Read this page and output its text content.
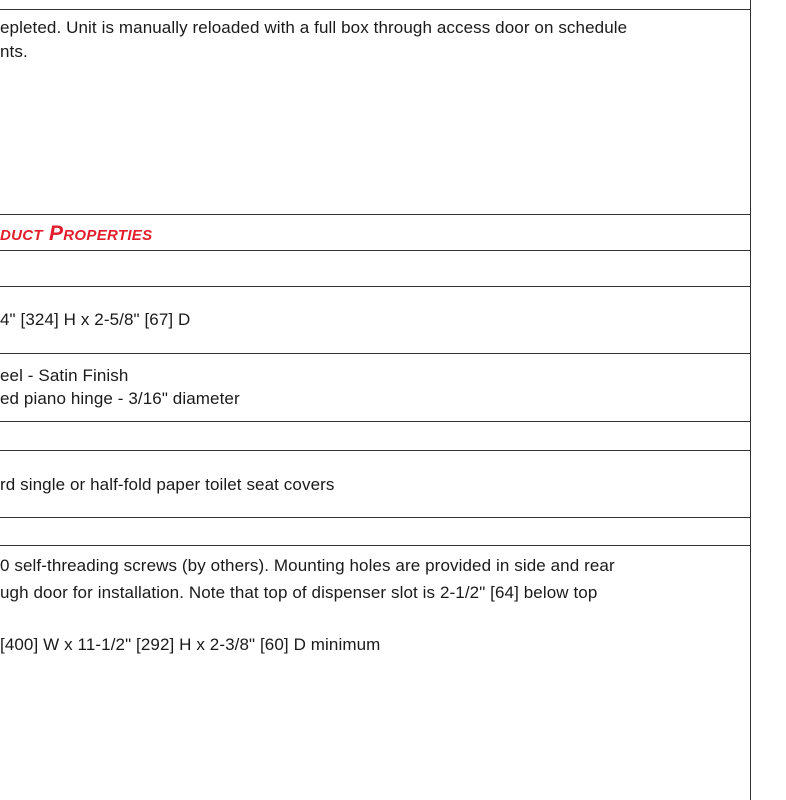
epleted. Unit is manually reloaded with a full box through access door on schedule
nts.
duct Properties
4" [324] H x 2-5/8" [67] D
eel - Satin Finish
ed piano hinge - 3/16" diameter
rd single or half-fold paper toilet seat covers
0 self-threading screws (by others). Mounting holes are provided in side and rear
ugh door for installation. Note that top of dispenser slot is 2-1/2" [64] below top
[400] W x 11-1/2" [292] H x 2-3/8" [60] D minimum
